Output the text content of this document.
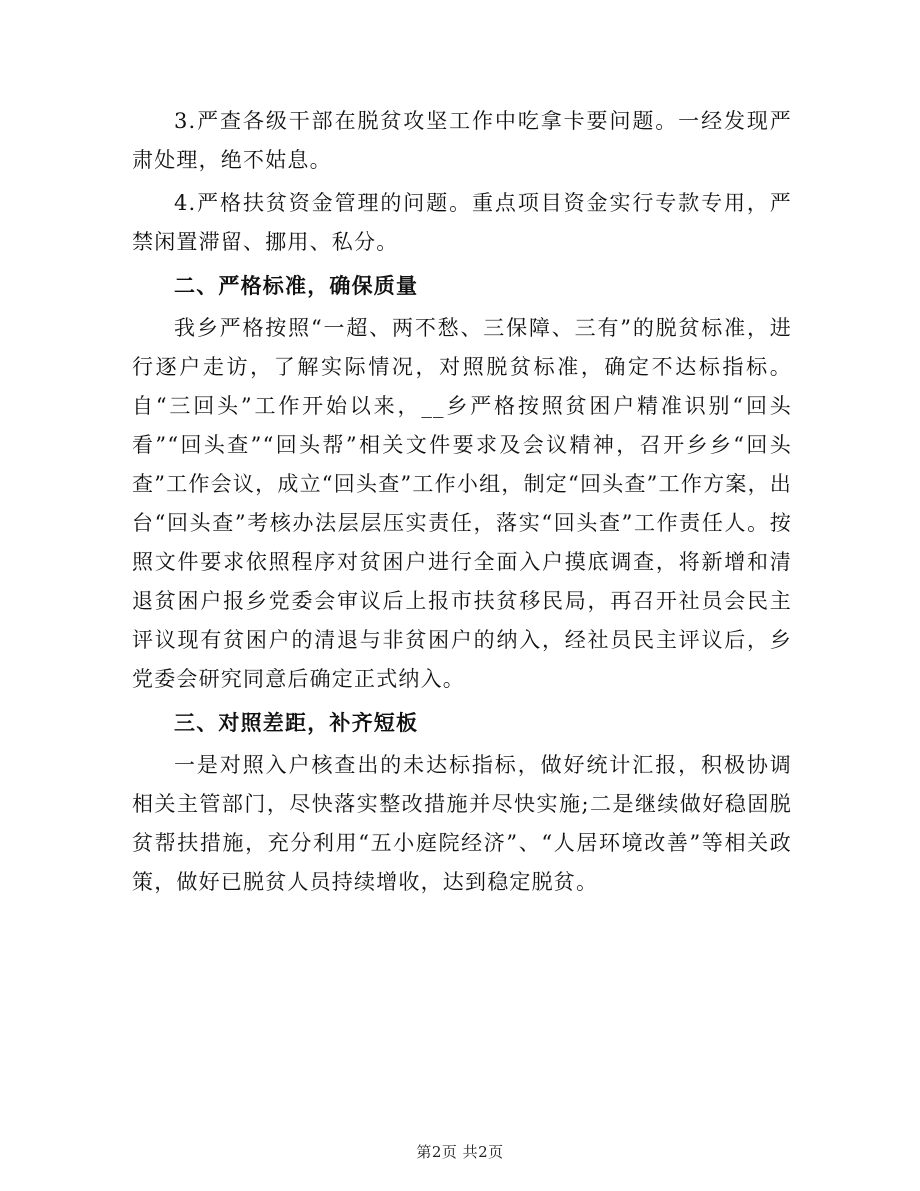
3.严查各级干部在脱贫攻坚工作中吃拿卡要问题。一经发现严肃处理，绝不姑息。

4.严格扶贫资金管理的问题。重点项目资金实行专款专用，严禁闲置滞留、挪用、私分。

二、严格标准，确保质量

我乡严格按照“一超、两不愁、三保障、三有”的脱贫标准，进行逐户走访，了解实际情况，对照脱贫标准，确定不达标指标。自“三回头”工作开始以来，__乡严格按照贫困户精准识别“回头看”“回头查”“回头帮”相关文件要求及会议精神，召开乡乡“回头查”工作会议，成立“回头查”工作小组，制定“回头查”工作方案，出台“回头查”考核办法层层压实责任，落实“回头查”工作责任人。按照文件要求依照程序对贫困户进行全面入户摸底调查，将新增和清退贫困户报乡党委会审议后上报市扶贫移民局，再召开社员会民主评议现有贫困户的清退与非贫困户的纳入，经社员民主评议后，乡党委会研究同意后确定正式纳入。

三、对照差距，补齐短板

一是对照入户核查出的未达标指标，做好统计汇报，积极协调相关主管部门，尽快落实整改措施并尽快实施;二是继续做好稳固脱贫帮扶措施，充分利用“五小庭院经济”、“人居环境改善”等相关政策，做好已脱贫人员持续增收，达到稳定脱贫。

第2页 共2页
